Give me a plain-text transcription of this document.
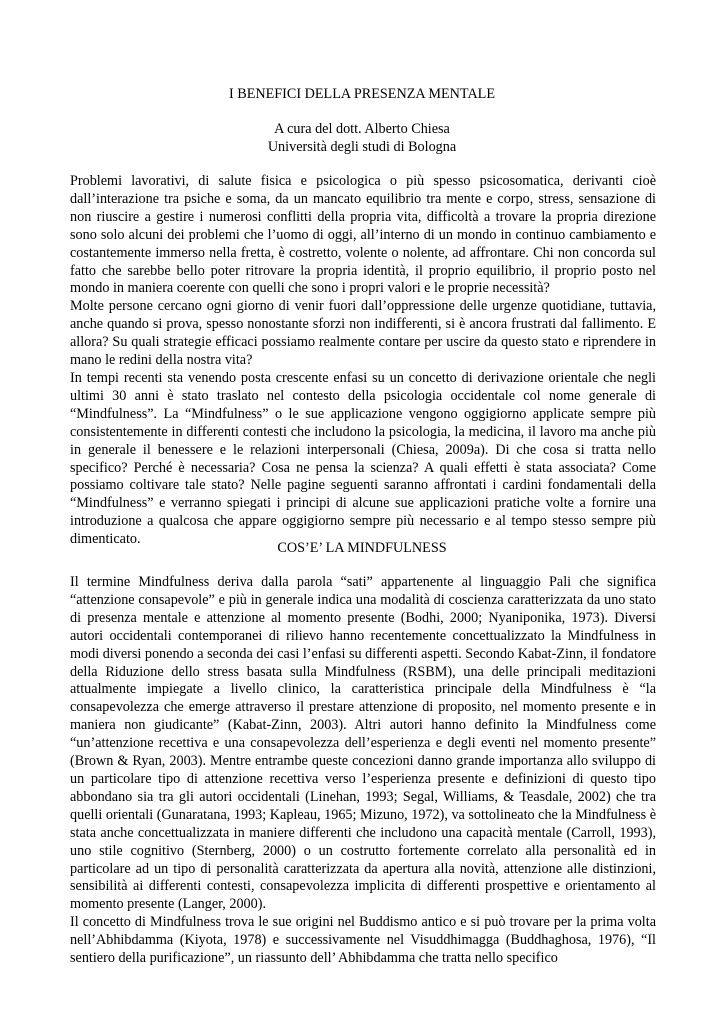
I BENEFICI DELLA PRESENZA MENTALE
A cura del dott. Alberto Chiesa
Università degli studi di Bologna

Problemi lavorativi, di salute fisica e psicologica o più spesso psicosomatica, derivanti cioè dall’interazione tra psiche e soma, da un mancato equilibrio tra mente e corpo, stress, sensazione di non riuscire a gestire i numerosi conflitti della propria vita, difficoltà a trovare la propria direzione sono solo alcuni dei problemi che l’uomo di oggi, all’interno di un mondo in continuo cambiamento e costantemente immerso nella fretta, è costretto, volente o nolente, ad affrontare. Chi non concorda sul fatto che sarebbe bello poter ritrovare la propria identità, il proprio equilibrio, il proprio posto nel mondo in maniera coerente con quelli che sono i propri valori e le proprie necessità?

Molte persone cercano ogni giorno di venir fuori dall’oppressione delle urgenze quotidiane, tuttavia, anche quando si prova, spesso nonostante sforzi non indifferenti, si è ancora frustrati dal fallimento. E allora? Su quali strategie efficaci possiamo realmente contare per uscire da questo stato e riprendere in mano le redini della nostra vita?

In tempi recenti sta venendo posta crescente enfasi su un concetto di derivazione orientale che negli ultimi 30 anni è stato traslato nel contesto della psicologia occidentale col nome generale di “Mindfulness”. La “Mindfulness” o le sue applicazione vengono oggigiorno applicate sempre più consistentemente in differenti contesti che includono la psicologia, la medicina, il lavoro ma anche più in generale il benessere e le relazioni interpersonali (Chiesa, 2009a). Di che cosa si tratta nello specifico? Perché è necessaria? Cosa ne pensa la scienza? A quali effetti è stata associata? Come possiamo coltivare tale stato? Nelle pagine seguenti saranno affrontati i cardini fondamentali della “Mindfulness” e verranno spiegati i principi di alcune sue applicazioni pratiche volte a fornire una introduzione a qualcosa che appare oggigiorno sempre più necessario e al tempo stesso sempre più dimenticato.

COS’E’ LA MINDFULNESS

Il termine Mindfulness deriva dalla parola “sati” appartenente al linguaggio Pali che significa “attenzione consapevole” e più in generale indica una modalità di coscienza caratterizzata da uno stato di presenza mentale e attenzione al momento presente (Bodhi, 2000; Nyaniponika, 1973). Diversi autori occidentali contemporanei di rilievo hanno recentemente concettualizzato la Mindfulness in modi diversi ponendo a seconda dei casi l’enfasi su differenti aspetti. Secondo Kabat-Zinn, il fondatore della Riduzione dello stress basata sulla Mindfulness (RSBM), una delle principali meditazioni attualmente impiegate a livello clinico, la caratteristica principale della Mindfulness è “la consapevolezza che emerge attraverso il prestare attenzione di proposito, nel momento presente e in maniera non giudicante” (Kabat-Zinn, 2003). Altri autori hanno definito la Mindfulness come “un’attenzione recettiva e una consapevolezza dell’esperienza e degli eventi nel momento presente” (Brown & Ryan, 2003). Mentre entrambe queste concezioni danno grande importanza allo sviluppo di un particolare tipo di attenzione recettiva verso l’esperienza presente e definizioni di questo tipo abbondano sia tra gli autori occidentali (Linehan, 1993; Segal, Williams, & Teasdale, 2002) che tra quelli orientali (Gunaratana, 1993; Kapleau, 1965; Mizuno, 1972), va sottolineato che la Mindfulness è stata anche concettualizzata in maniere differenti che includono una capacità mentale (Carroll, 1993), uno stile cognitivo (Sternberg, 2000) o un costrutto fortemente correlato alla personalità ed in particolare ad un tipo di personalità caratterizzata da apertura alla novità, attenzione alle distinzioni, sensibilità ai differenti contesti, consapevolezza implicita di differenti prospettive e orientamento al momento presente (Langer, 2000).

Il concetto di Mindfulness trova le sue origini nel Buddismo antico e si può trovare per la prima volta nell’Abhibdamma (Kiyota, 1978) e successivamente nel Visuddhimagga (Buddhaghosa, 1976), “Il sentiero della purificazione”, un riassunto dell’ Abhibdamma che tratta nello specifico
